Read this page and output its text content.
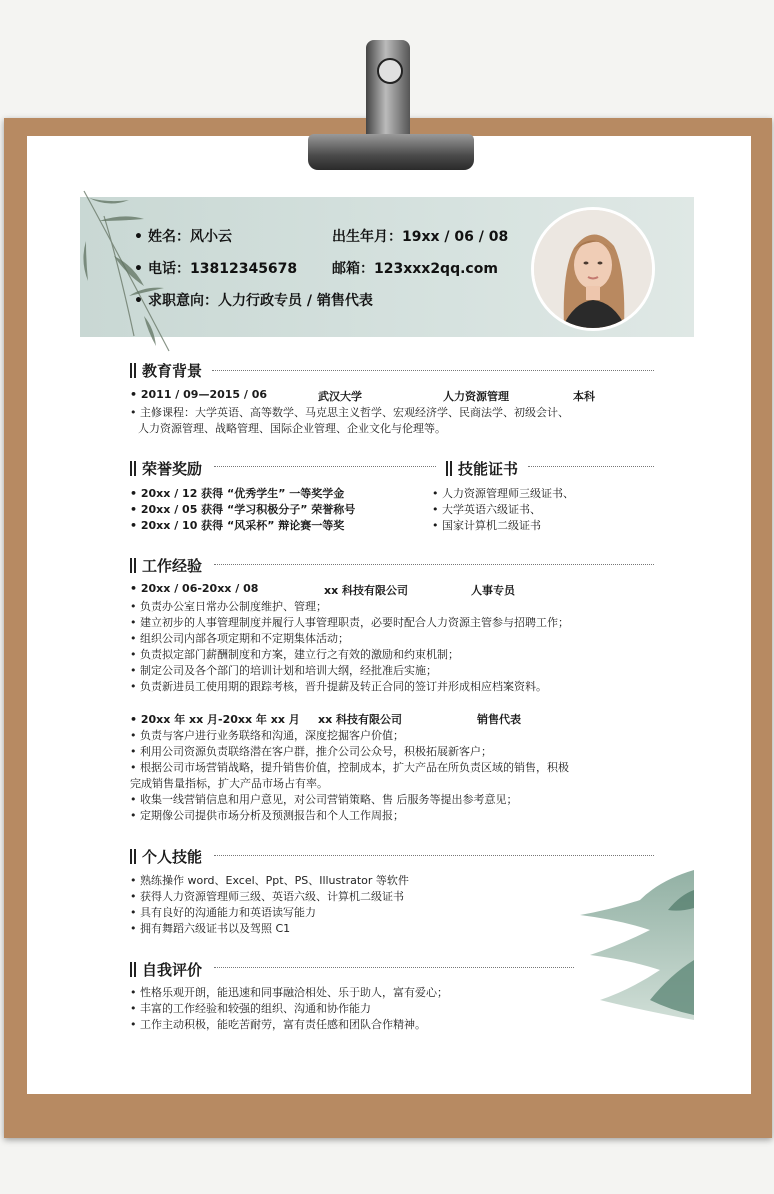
• 姓名：风小云	出生年月：19xx / 06 / 08
• 电话：13812345678 邮箱：123xxx2qq.com
• 求职意向：人力行政专员 / 销售代表
教育背景
• 2011 / 09—2015 / 06	武汉大学	人力资源管理	本科
• 主修课程：大学英语、高等数学、马克思主义哲学、宏观经济学、民商法学、初级会计、
人力资源管理、战略管理、国际企业管理、企业文化与伦理等。
荣誉奖励
• 20xx / 12 获得 “优秀学生” 一等奖学金
• 20xx / 05 获得 “学习积极分子” 荣誉称号
• 20xx / 10 获得 “风采杯” 辩论赛一等奖
技能证书
• 人力资源管理师三级证书、
• 大学英语六级证书、
• 国家计算机二级证书
工作经验
• 20xx / 06-20xx / 08	xx 科技有限公司	人事专员
• 负责办公室日常办公制度维护、管理；
• 建立初步的人事管理制度并履行人事管理职责，必要时配合人力资源主管参与招聘工作；
• 组织公司内部各项定期和不定期集体活动；
• 负责拟定部门薪酬制度和方案，建立行之有效的激励和约束机制；
• 制定公司及各个部门的培训计划和培训大纲，经批准后实施；
• 负责新进员工使用期的跟踪考核，晋升提薪及转正合同的签订并形成相应档案资料。
• 20xx 年 xx 月-20xx 年 xx 月 xx 科技有限公司	销售代表
• 负责与客户进行业务联络和沟通，深度挖掘客户价值；
• 利用公司资源负责联络潜在客户群，推介公司公众号，积极拓展新客户；
• 根据公司市场营销战略，提升销售价值，控制成本，扩大产品在所负责区域的销售，积极
完成销售量指标，扩大产品市场占有率。
• 收集一线营销信息和用户意见，对公司营销策略、售 后服务等提出参考意见；
• 定期像公司提供市场分析及预测报告和个人工作周报；
个人技能
• 熟练操作 word、Excel、Ppt、PS、Illustrator 等软件
• 获得人力资源管理师三级、英语六级、计算机二级证书
• 具有良好的沟通能力和英语读写能力
• 拥有舞蹈六级证书以及驾照 C1
自我评价
• 性格乐观开朗，能迅速和同事融洽相处、乐于助人，富有爱心；
• 丰富的工作经验和较强的组织、沟通和协作能力
• 工作主动积极，能吃苦耐劳，富有责任感和团队合作精神。
